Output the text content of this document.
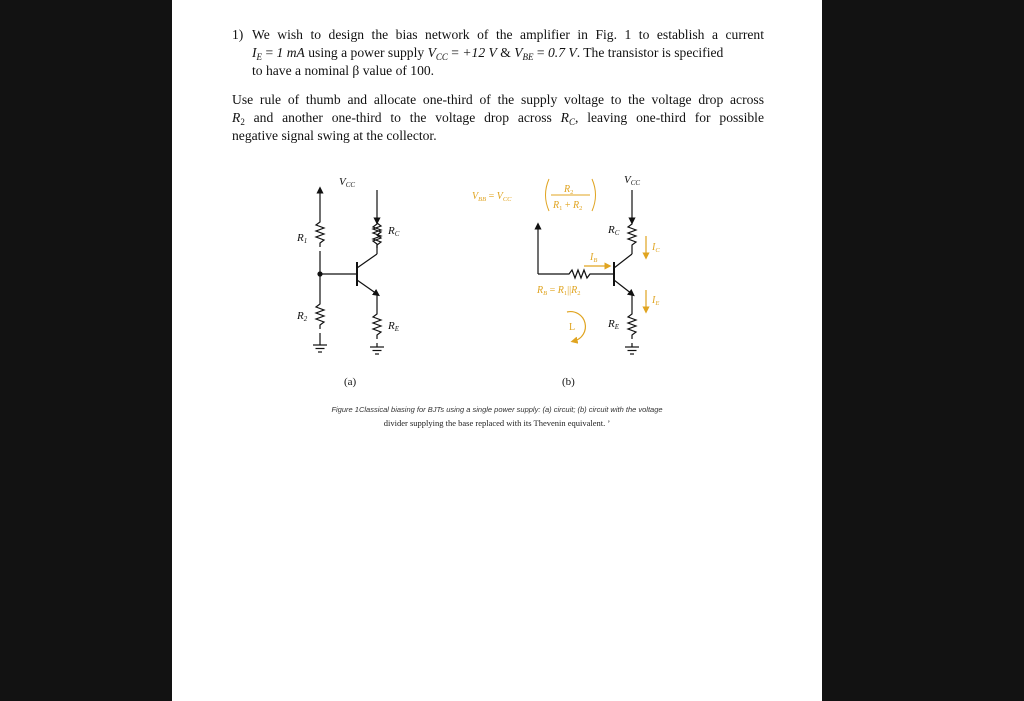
1) We wish to design the bias network of the amplifier in Fig. 1 to establish a current
$I_E = 1$ mA using a power supply $V_{CC} = +12$ V & $V_{BE} = 0.7$ V. The transistor is specified
to have a nominal β value of 100.
Use rule of thumb and allocate one-third of the supply voltage to the voltage drop across
$R_2$ and another one-third to the voltage drop across $R_C$, leaving one-third for possible
negative signal swing at the collector.
VCC
R1
R2
RC
RE
(a)
$V_{BB} = V_{CC}$
$R_2$
$R_1 + R_2$
$I_B$
$R_B = R_1||R_2$
$I_C$
$I_E$
L
VCC
RC
RE
(b)
Figure 1Classical biasing for BJTs using a single power supply: (a) circuit; (b) circuit with the voltage
divider supplying the base replaced with its Thevenin equivalent. ’
